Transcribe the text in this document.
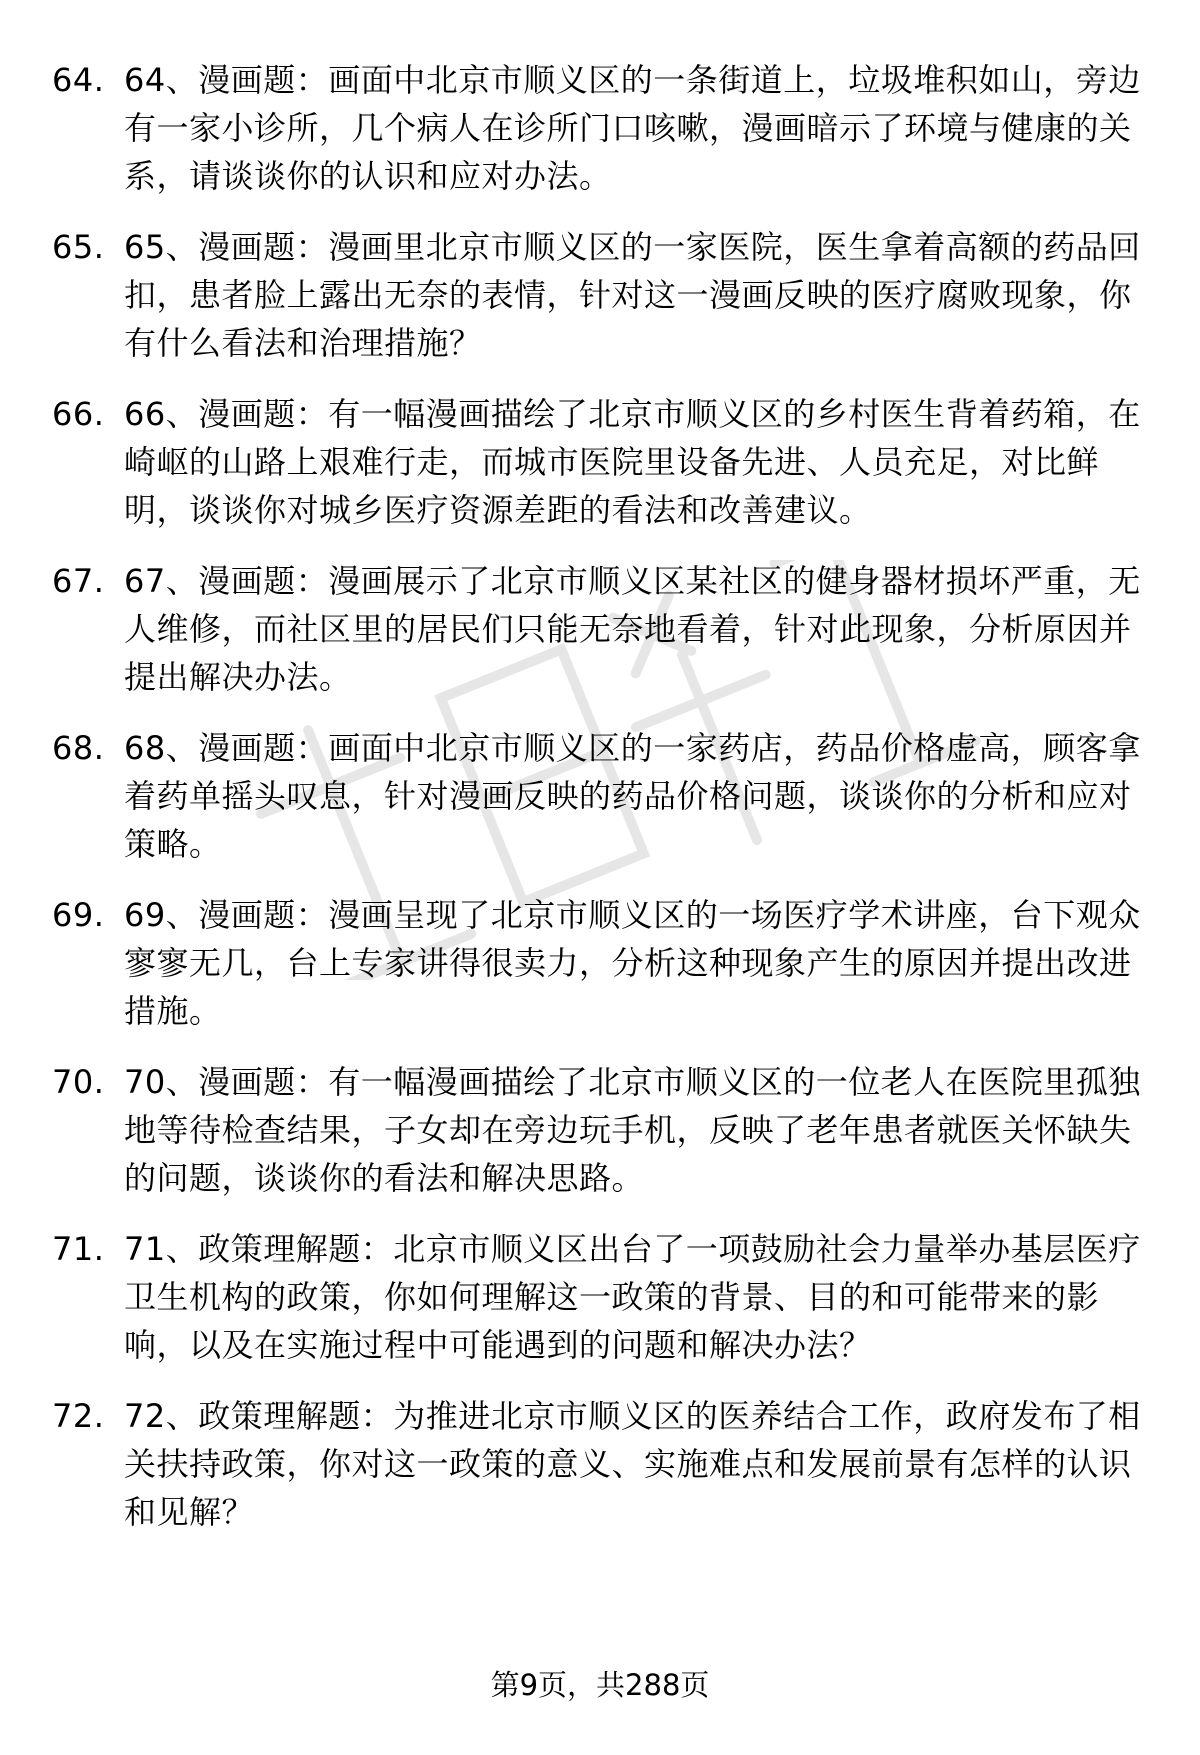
64. 64、漫画题：画面中北京市顺义区的一条街道上，垃圾堆积如山，旁边有一家小诊所，几个病人在诊所门口咳嗽，漫画暗示了环境与健康的关系，请谈谈你的认识和应对办法。
65. 65、漫画题：漫画里北京市顺义区的一家医院，医生拿着高额的药品回扣，患者脸上露出无奈的表情，针对这一漫画反映的医疗腐败现象，你有什么看法和治理措施？
66. 66、漫画题：有一幅漫画描绘了北京市顺义区的乡村医生背着药箱，在崎岖的山路上艰难行走，而城市医院里设备先进、人员充足，对比鲜明，谈谈你对城乡医疗资源差距的看法和改善建议。
67. 67、漫画题：漫画展示了北京市顺义区某社区的健身器材损坏严重，无人维修，而社区里的居民们只能无奈地看着，针对此现象，分析原因并提出解决办法。
68. 68、漫画题：画面中北京市顺义区的一家药店，药品价格虚高，顾客拿着药单摇头叹息，针对漫画反映的药品价格问题，谈谈你的分析和应对策略。
69. 69、漫画题：漫画呈现了北京市顺义区的一场医疗学术讲座，台下观众寥寥无几，台上专家讲得很卖力，分析这种现象产生的原因并提出改进措施。
70. 70、漫画题：有一幅漫画描绘了北京市顺义区的一位老人在医院里孤独地等待检查结果，子女却在旁边玩手机，反映了老年患者就医关怀缺失的问题，谈谈你的看法和解决思路。
71. 71、政策理解题：北京市顺义区出台了一项鼓励社会力量举办基层医疗卫生机构的政策，你如何理解这一政策的背景、目的和可能带来的影响，以及在实施过程中可能遇到的问题和解决办法？
72. 72、政策理解题：为推进北京市顺义区的医养结合工作，政府发布了相关扶持政策，你对这一政策的意义、实施难点和发展前景有怎样的认识和见解？
第9页，共288页
